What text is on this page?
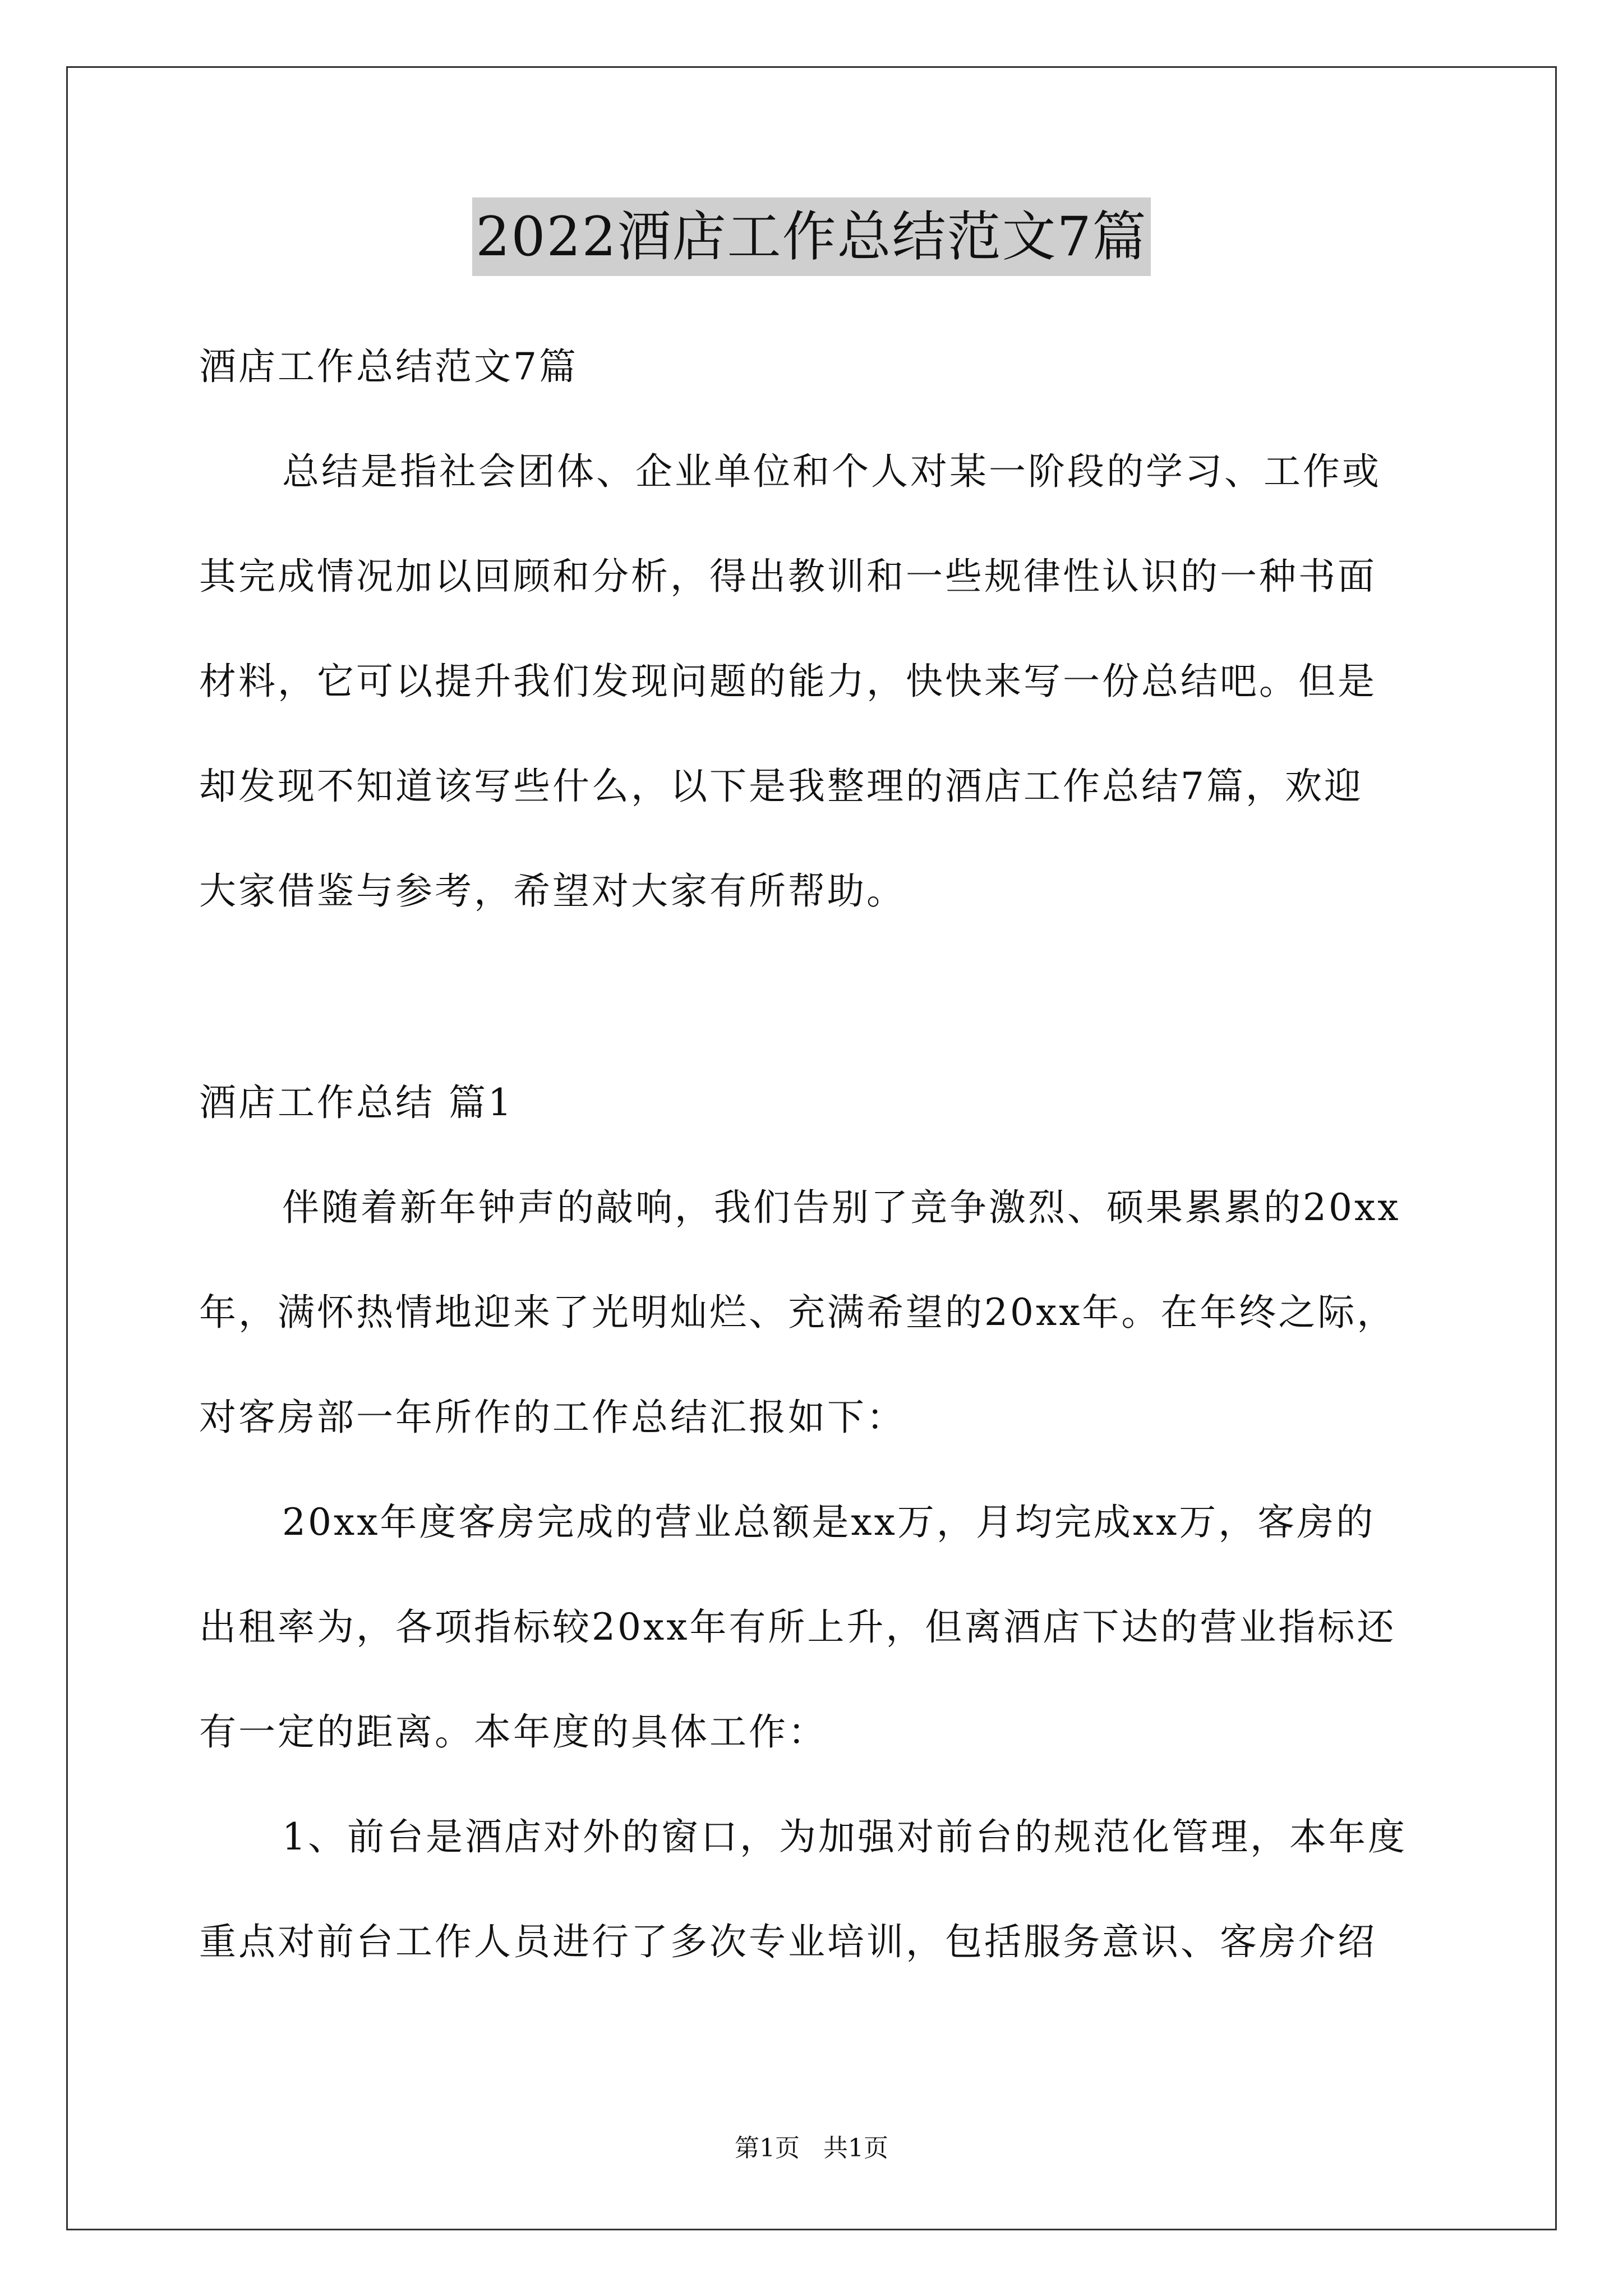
2022酒店工作总结范文7篇
酒店工作总结范文7篇
总结是指社会团体、企业单位和个人对某一阶段的学习、工作或
其完成情况加以回顾和分析，得出教训和一些规律性认识的一种书面
材料，它可以提升我们发现问题的能力，快快来写一份总结吧。但是
却发现不知道该写些什么，以下是我整理的酒店工作总结7篇，欢迎
大家借鉴与参考，希望对大家有所帮助。
酒店工作总结 篇1
伴随着新年钟声的敲响，我们告别了竞争激烈、硕果累累的20xx
年，满怀热情地迎来了光明灿烂、充满希望的20xx年。在年终之际，
对客房部一年所作的工作总结汇报如下：
20xx年度客房完成的营业总额是xx万，月均完成xx万，客房的
出租率为，各项指标较20xx年有所上升，但离酒店下达的营业指标还
有一定的距离。本年度的具体工作：
1、前台是酒店对外的窗口，为加强对前台的规范化管理，本年度
重点对前台工作人员进行了多次专业培训，包括服务意识、客房介绍
第1页 共1页
